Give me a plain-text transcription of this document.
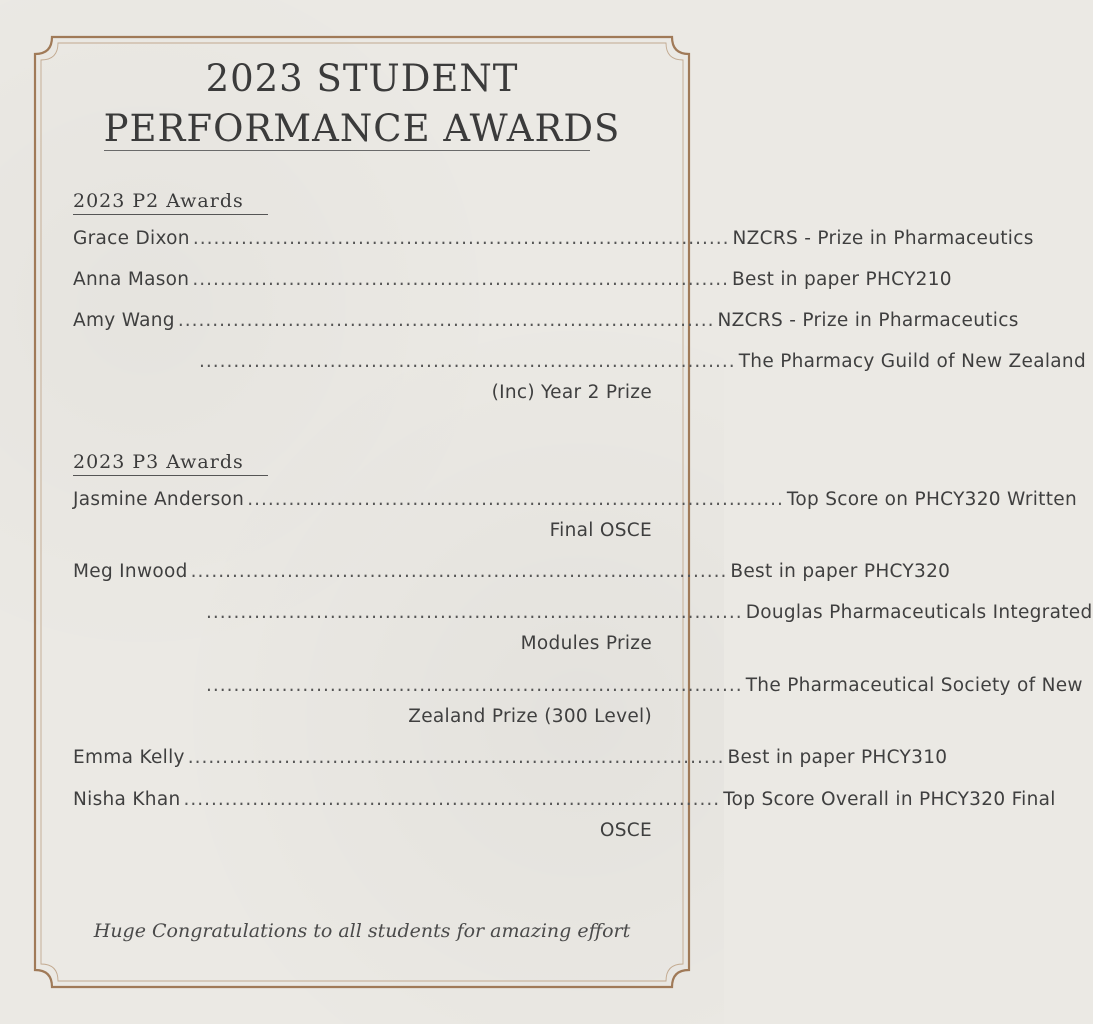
2023 STUDENT
PERFORMANCE AWARDS
2023 P2 Awards
Grace Dixon .............................................................................. NZCRS - Prize in Pharmaceutics
Anna Mason .............................................................................. Best in paper PHCY210
Amy Wang .............................................................................. NZCRS - Prize in Pharmaceutics
.............................................................................. The Pharmacy Guild of New Zealand
(Inc) Year 2 Prize
2023 P3 Awards
Jasmine Anderson .............................................................................. Top Score on PHCY320 Written
Final OSCE
Meg Inwood .............................................................................. Best in paper PHCY320
.............................................................................. Douglas Pharmaceuticals Integrated
Modules Prize
.............................................................................. The Pharmaceutical Society of New
Zealand Prize (300 Level)
Emma Kelly .............................................................................. Best in paper PHCY310
Nisha Khan .............................................................................. Top Score Overall in PHCY320 Final
OSCE
Huge Congratulations to all students for amazing effort
